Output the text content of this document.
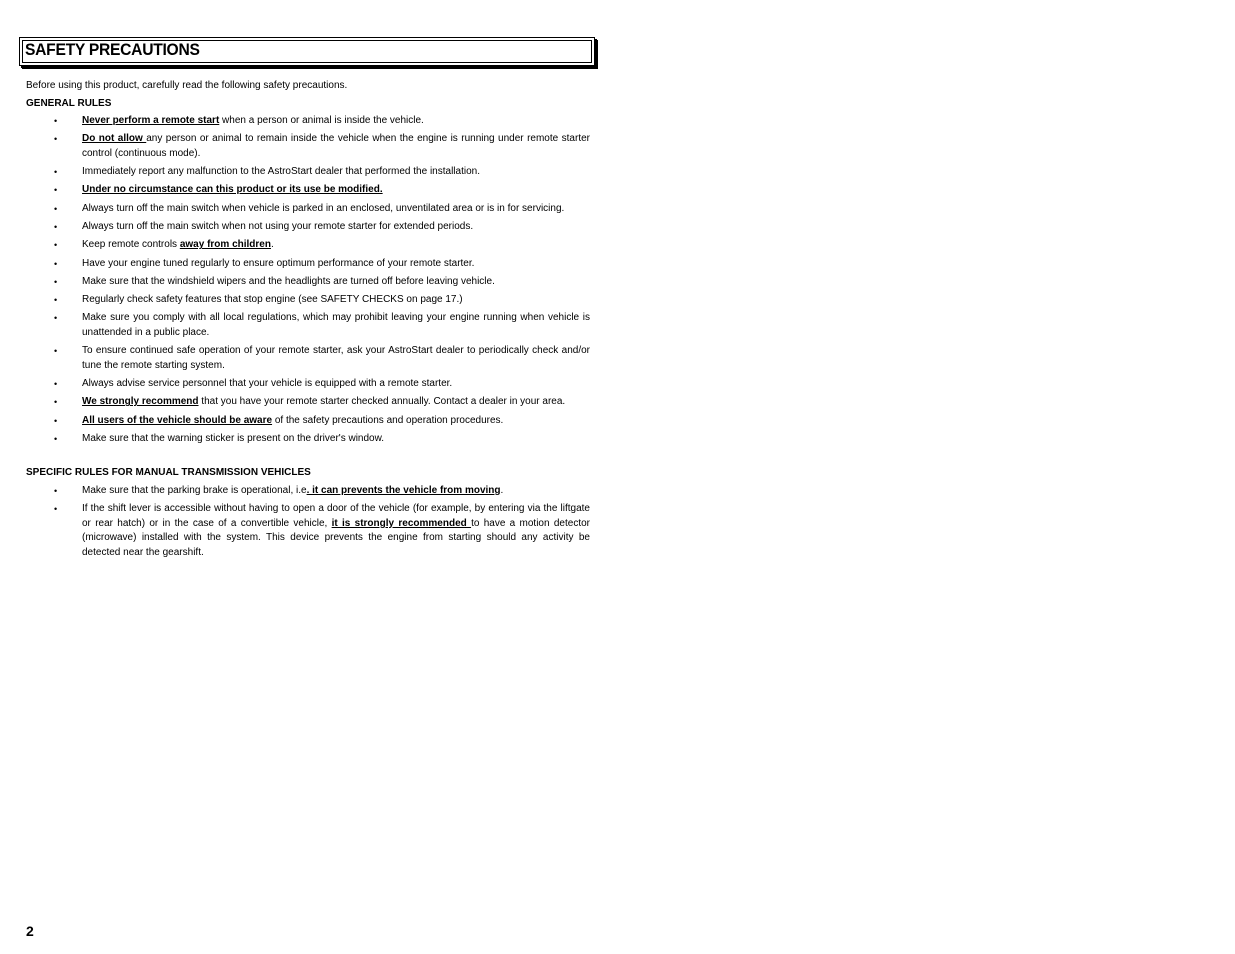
SAFETY PRECAUTIONS

Before using this product, carefully read the following safety precautions.

GENERAL RULES
• Never perform a remote start when a person or animal is inside the vehicle.
• Do not allow any person or animal to remain inside the vehicle when the engine is running under remote starter control (continuous mode).
• Immediately report any malfunction to the AstroStart dealer that performed the installation.
• Under no circumstance can this product or its use be modified.
• Always turn off the main switch when vehicle is parked in an enclosed, unventilated area or is in for servicing.
• Always turn off the main switch when not using your remote starter for extended periods.
• Keep remote controls away from children.
• Have your engine tuned regularly to ensure optimum performance of your remote starter.
• Make sure that the windshield wipers and the headlights are turned off before leaving vehicle.
• Regularly check safety features that stop engine (see SAFETY CHECKS on page 17.)
• Make sure you comply with all local regulations, which may prohibit leaving your engine running when vehicle is unattended in a public place.
• To ensure continued safe operation of your remote starter, ask your AstroStart dealer to periodically check and/or tune the remote starting system.
• Always advise service personnel that your vehicle is equipped with a remote starter.
• We strongly recommend that you have your remote starter checked annually. Contact a dealer in your area.
• All users of the vehicle should be aware of the safety precautions and operation procedures.
• Make sure that the warning sticker is present on the driver's window.
SPECIFIC RULES FOR MANUAL TRANSMISSION VEHICLES
• Make sure that the parking brake is operational, i.e. it can prevents the vehicle from moving.
• If the shift lever is accessible without having to open a door of the vehicle (for example, by entering via the liftgate or rear hatch) or in the case of a convertible vehicle, it is strongly recommended to have a motion detector (microwave) installed with the system. This device prevents the engine from starting should any activity be detected near the gearshift.
2
